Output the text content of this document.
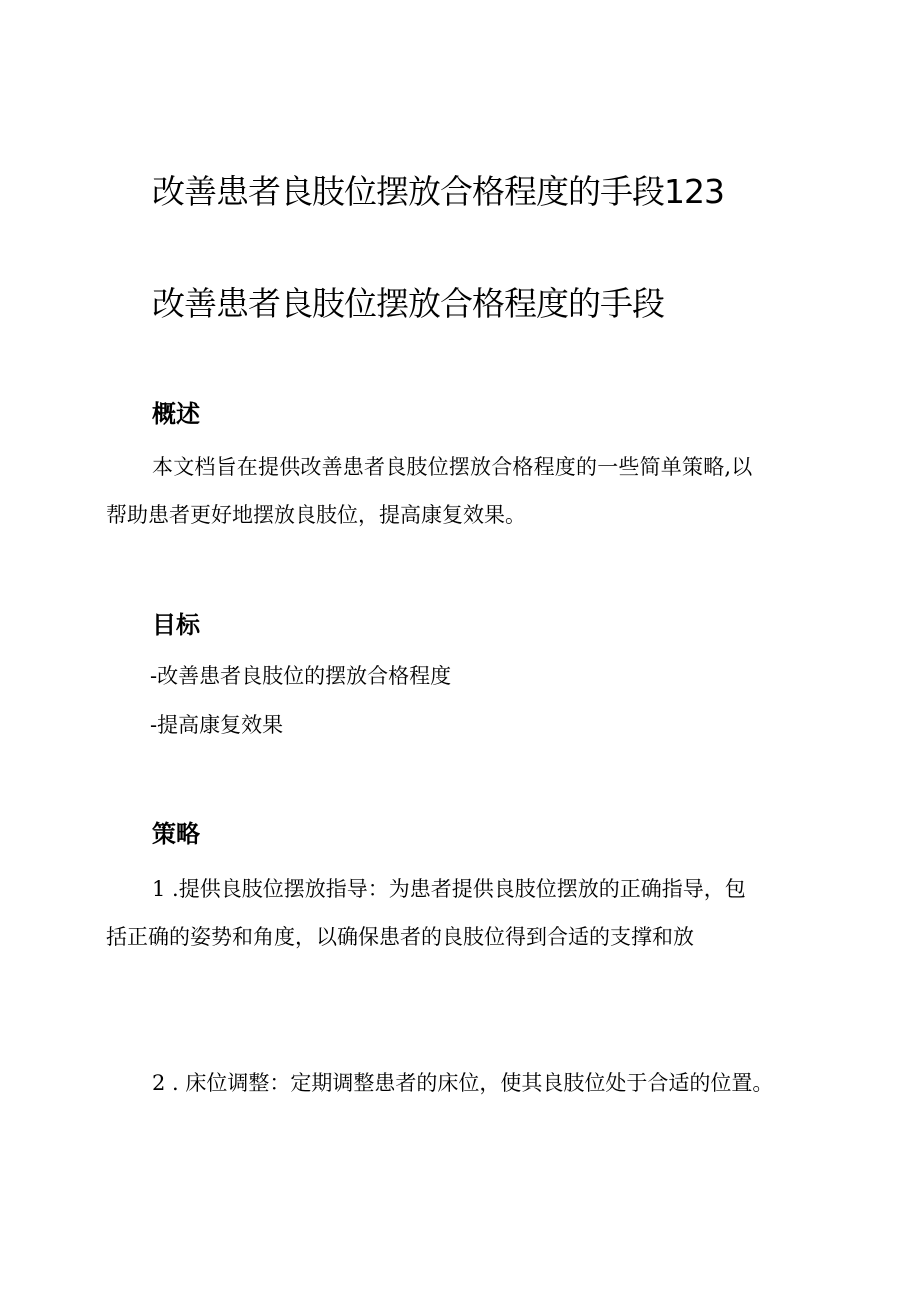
改善患者良肢位摆放合格程度的手段123
改善患者良肢位摆放合格程度的手段
概述

本文档旨在提供改善患者良肢位摆放合格程度的一些简单策略,以

帮助患者更好地摆放良肢位，提高康复效果。

目标

-改善患者良肢位的摆放合格程度

-提高康复效果

策略

1 .提供良肢位摆放指导：为患者提供良肢位摆放的正确指导，包

括正确的姿势和角度，以确保患者的良肢位得到合适的支撑和放

2 . 床位调整：定期调整患者的床位，使其良肢位处于合适的位置。
